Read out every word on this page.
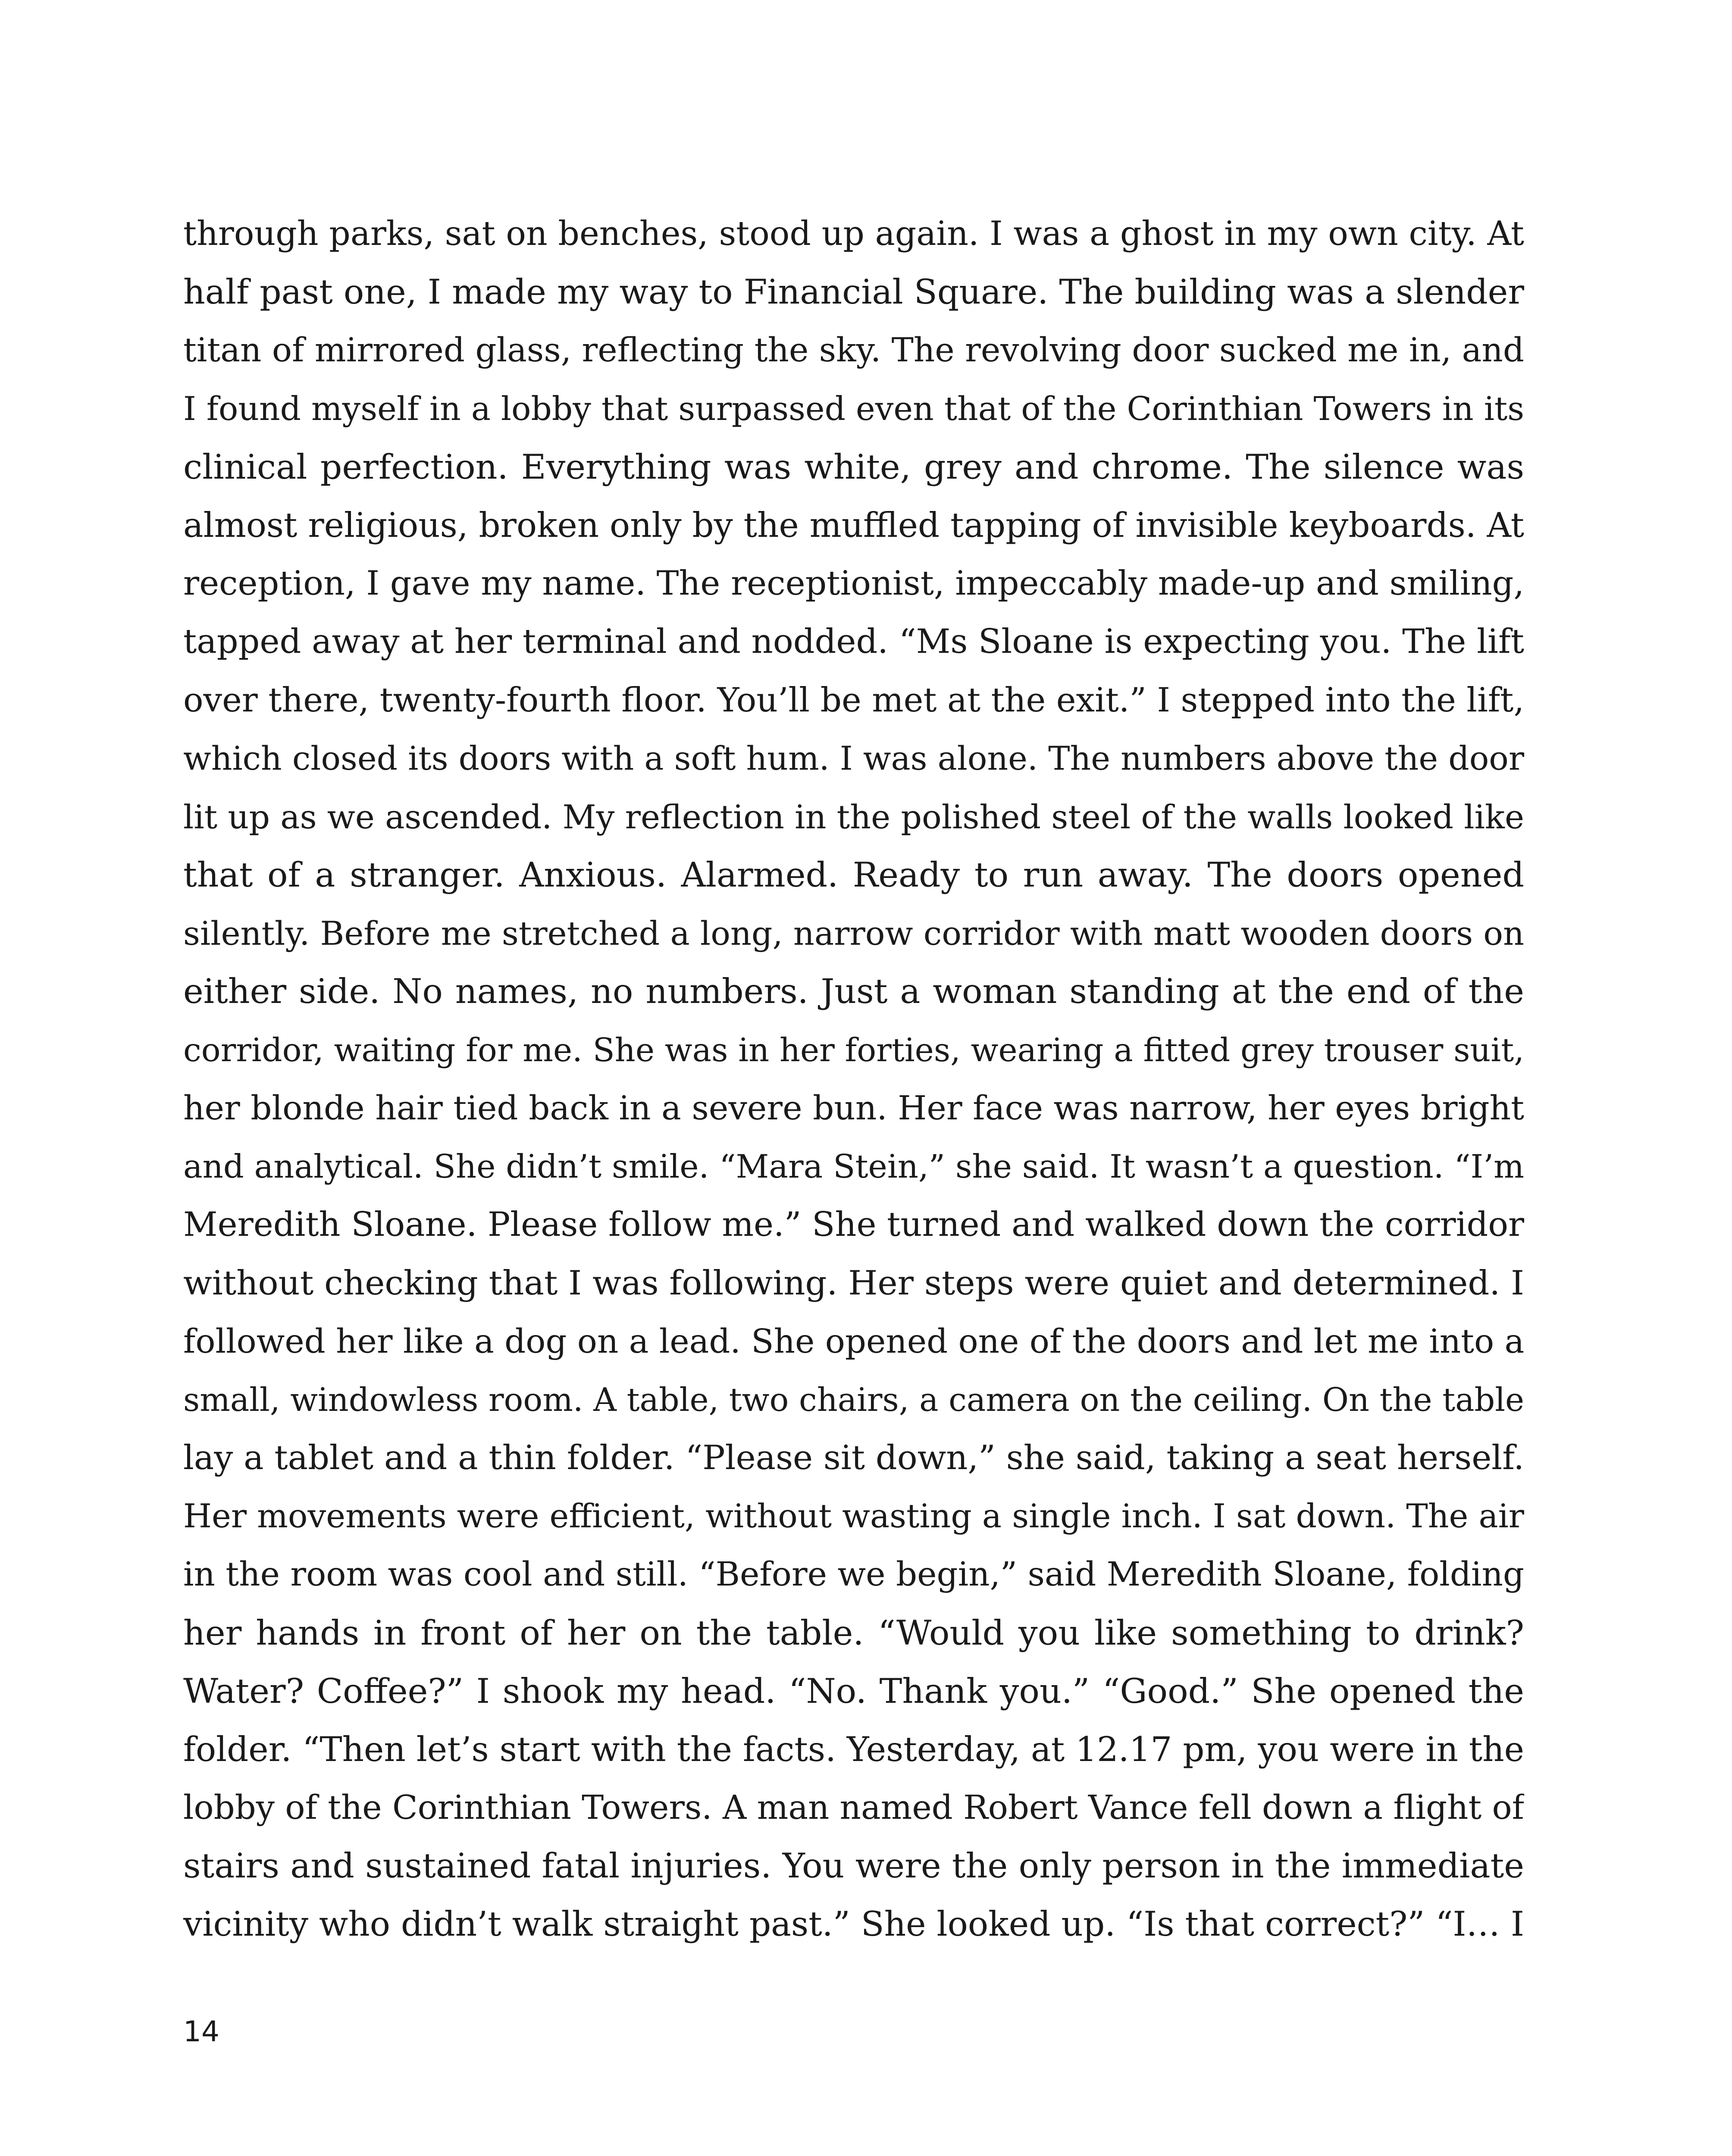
through parks, sat on benches, stood up again. I was a ghost in my own city. At
half past one, I made my way to Financial Square. The building was a slender
titan of mirrored glass, reflecting the sky. The revolving door sucked me in, and
I found myself in a lobby that surpassed even that of the Corinthian Towers in its
clinical perfection. Everything was white, grey and chrome. The silence was
almost religious, broken only by the muffled tapping of invisible keyboards. At
reception, I gave my name. The receptionist, impeccably made-up and smiling,
tapped away at her terminal and nodded. “Ms Sloane is expecting you. The lift
over there, twenty-fourth floor. You’ll be met at the exit.” I stepped into the lift,
which closed its doors with a soft hum. I was alone. The numbers above the door
lit up as we ascended. My reflection in the polished steel of the walls looked like
that of a stranger. Anxious. Alarmed. Ready to run away. The doors opened
silently. Before me stretched a long, narrow corridor with matt wooden doors on
either side. No names, no numbers. Just a woman standing at the end of the
corridor, waiting for me. She was in her forties, wearing a fitted grey trouser suit,
her blonde hair tied back in a severe bun. Her face was narrow, her eyes bright
and analytical. She didn’t smile. “Mara Stein,” she said. It wasn’t a question. “I’m
Meredith Sloane. Please follow me.” She turned and walked down the corridor
without checking that I was following. Her steps were quiet and determined. I
followed her like a dog on a lead. She opened one of the doors and let me into a
small, windowless room. A table, two chairs, a camera on the ceiling. On the table
lay a tablet and a thin folder. “Please sit down,” she said, taking a seat herself.
Her movements were efficient, without wasting a single inch. I sat down. The air
in the room was cool and still. “Before we begin,” said Meredith Sloane, folding
her hands in front of her on the table. “Would you like something to drink?
Water? Coffee?” I shook my head. “No. Thank you.” “Good.” She opened the
folder. “Then let’s start with the facts. Yesterday, at 12.17 pm, you were in the
lobby of the Corinthian Towers. A man named Robert Vance fell down a flight of
stairs and sustained fatal injuries. You were the only person in the immediate
vicinity who didn’t walk straight past.” She looked up. “Is that correct?” “I… I

14
